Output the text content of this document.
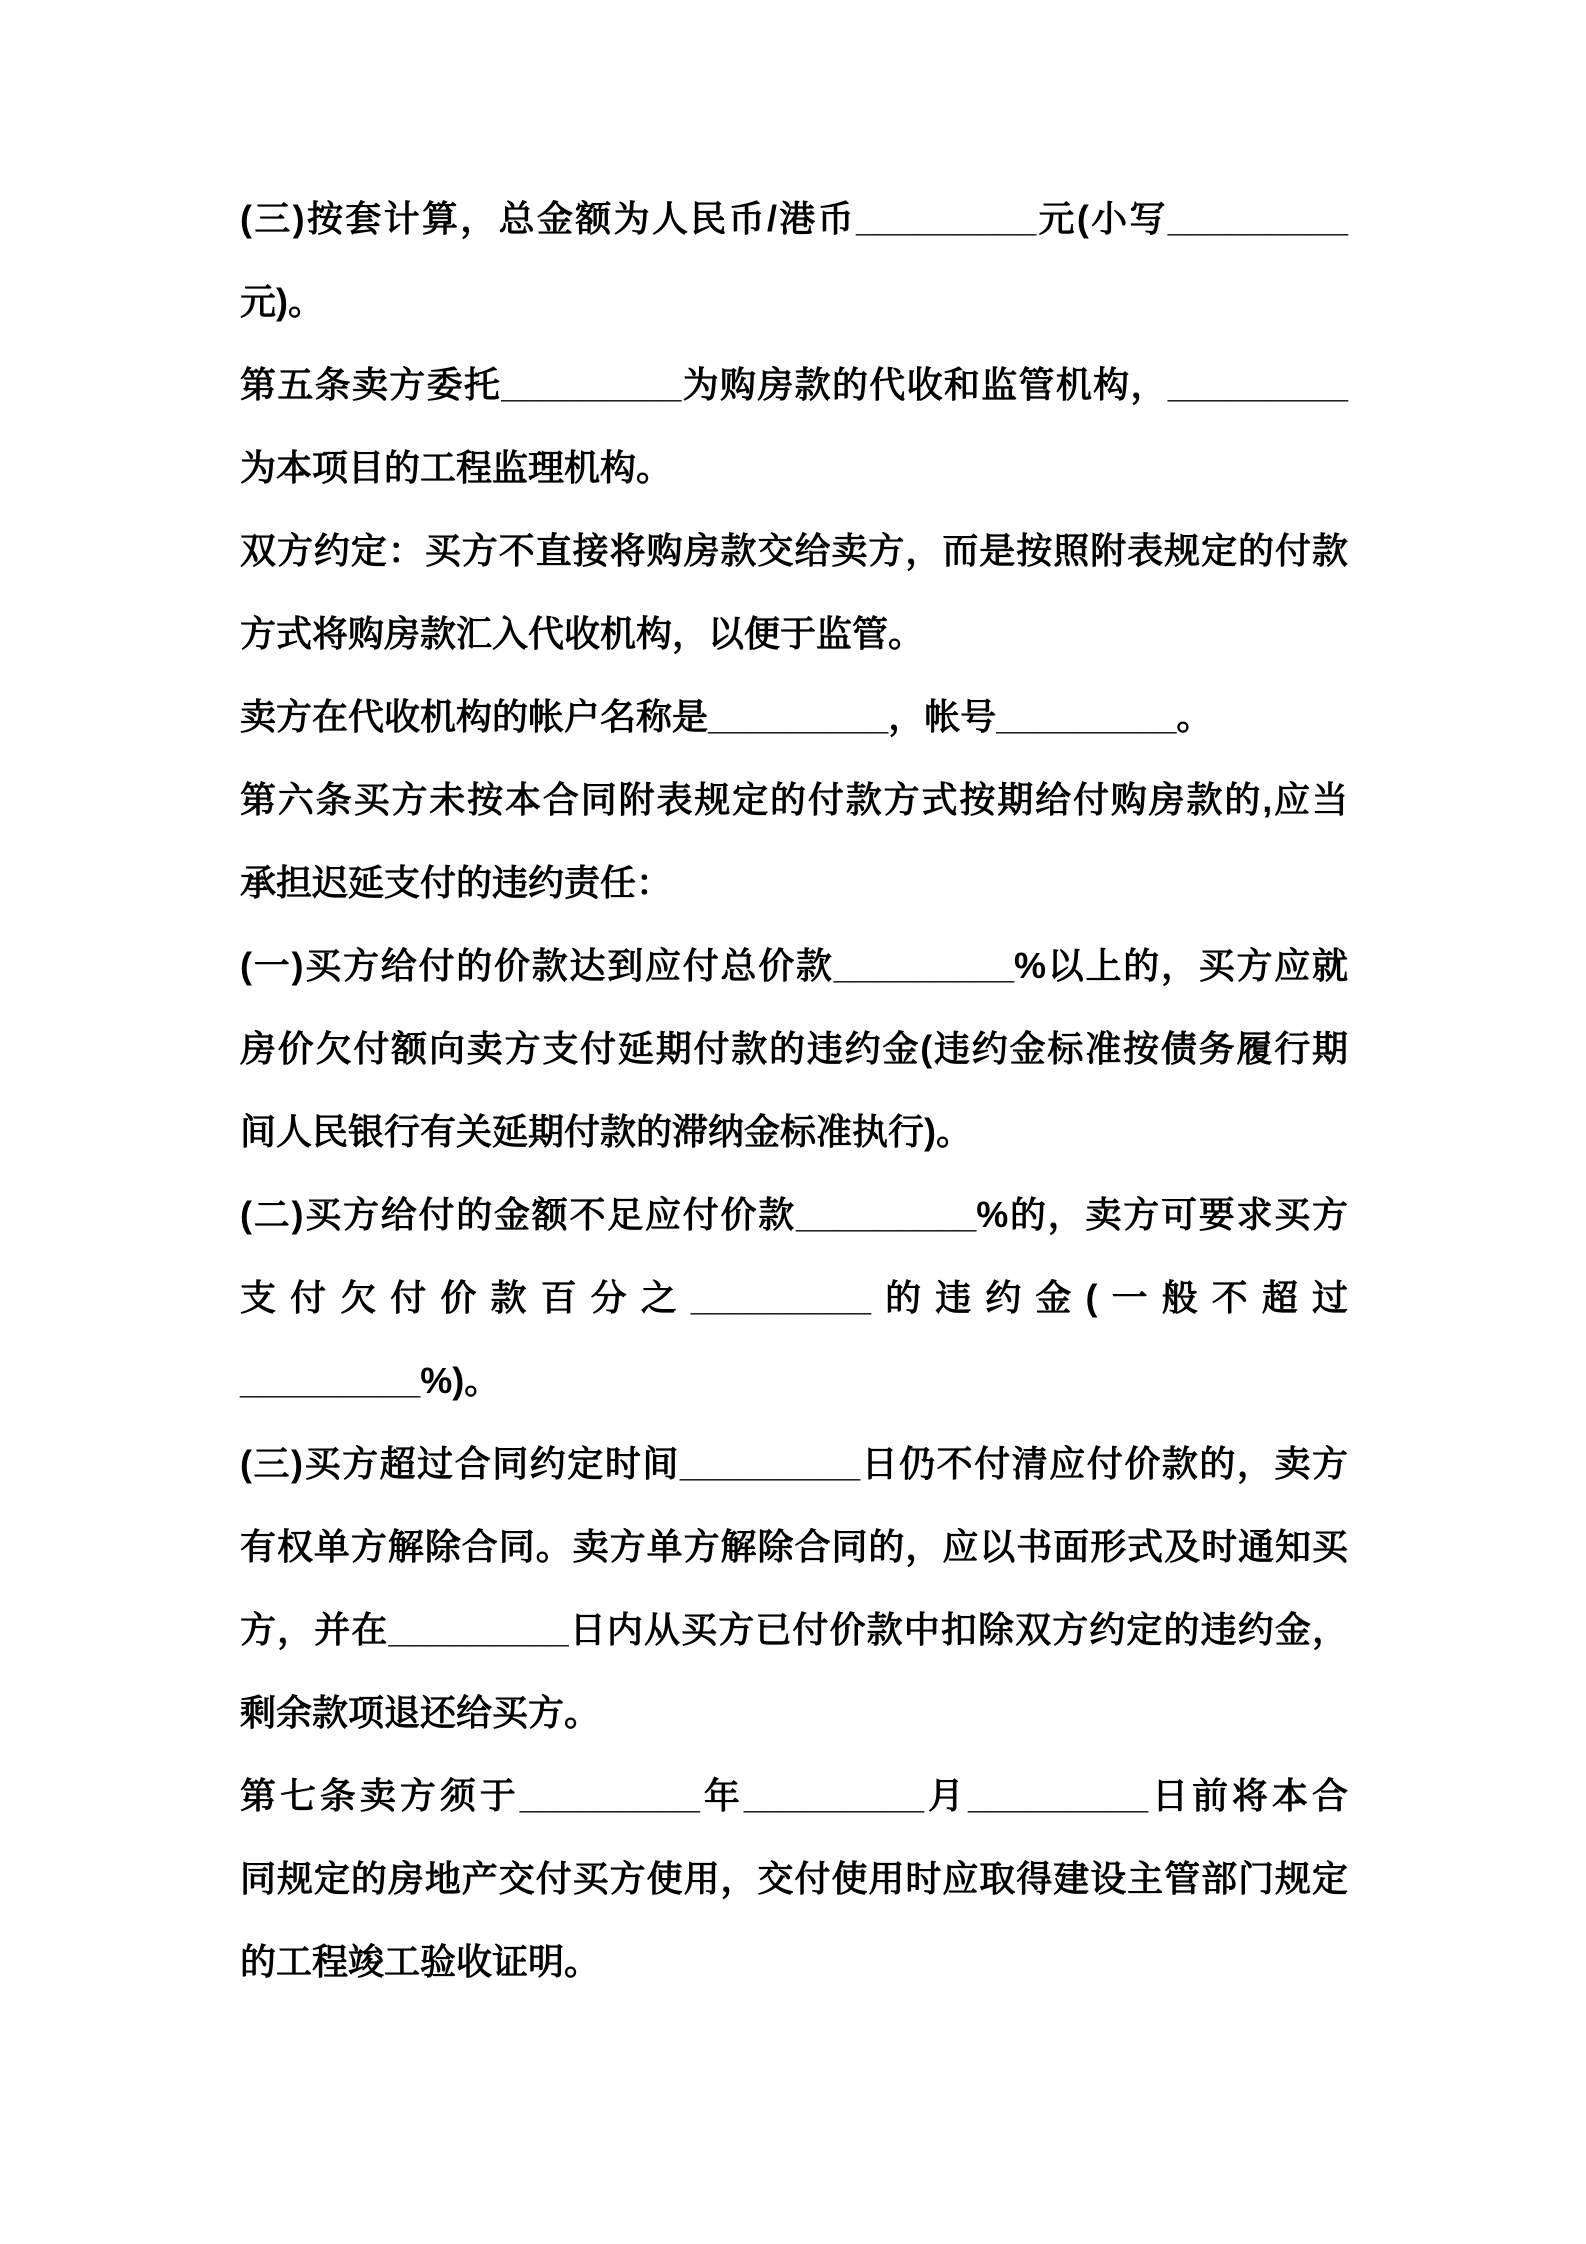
(三)按套计算，总金额为人民币/港币_________元(小写_________
元)。
第五条卖方委托_________为购房款的代收和监管机构，_________
为本项目的工程监理机构。
双方约定：买方不直接将购房款交给卖方，而是按照附表规定的付款
方式将购房款汇入代收机构，以便于监管。
卖方在代收机构的帐户名称是_________，帐号_________。
第六条买方未按本合同附表规定的付款方式按期给付购房款的,应当
承担迟延支付的违约责任：
(一)买方给付的价款达到应付总价款_________%以上的，买方应就
房价欠付额向卖方支付延期付款的违约金(违约金标准按债务履行期
间人民银行有关延期付款的滞纳金标准执行)。
(二)买方给付的金额不足应付价款_________%的，卖方可要求买方
支付欠付价款百分之_________的违约金(一般不超过
_________%)。
(三)买方超过合同约定时间_________日仍不付清应付价款的，卖方
有权单方解除合同。卖方单方解除合同的，应以书面形式及时通知买
方，并在_________日内从买方已付价款中扣除双方约定的违约金，
剩余款项退还给买方。
第七条卖方须于_________年_________月_________日前将本合
同规定的房地产交付买方使用，交付使用时应取得建设主管部门规定
的工程竣工验收证明。
